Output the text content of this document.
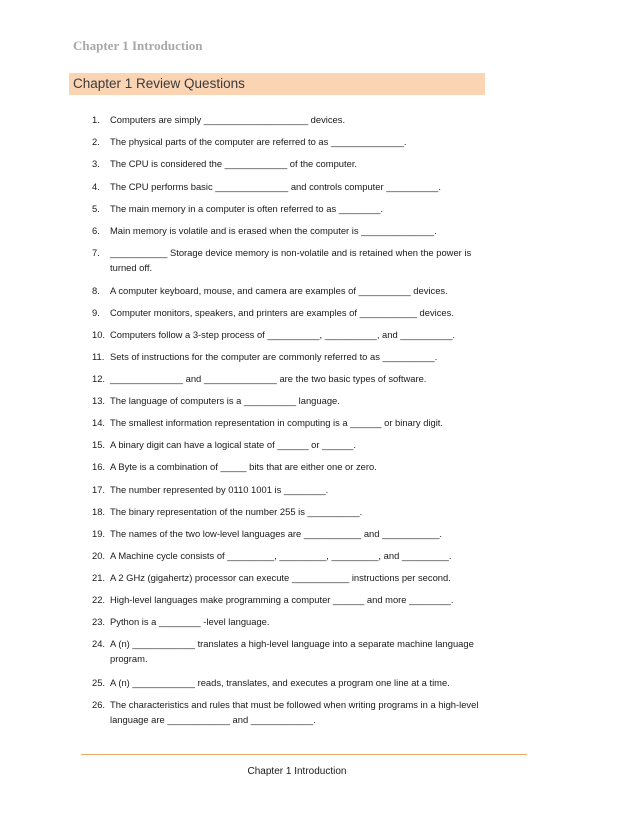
Chapter 1 Introduction
Chapter 1 Review Questions
1.	Computers are simply ____________________ devices.
2.	The physical parts of the computer are referred to as ______________.
3.	The CPU is considered the ____________ of the computer.
4.	The CPU performs basic ______________ and controls computer __________.
5.	The main memory in a computer is often referred to as ________.
6.	Main memory is volatile and is erased when the computer is ______________.
7.	___________ Storage device memory is non-volatile and is retained when the power is turned off.
8.	A computer keyboard, mouse, and camera are examples of __________ devices.
9.	Computer monitors, speakers, and printers are examples of ___________ devices.
10. Computers follow a 3-step process of __________, __________, and __________.
11. Sets of instructions for the computer are commonly referred to as __________.
12. ______________ and ______________ are the two basic types of software.
13. The language of computers is a __________ language.
14. The smallest information representation in computing is a ______ or binary digit.
15. A binary digit can have a logical state of ______ or ______.
16. A Byte is a combination of _____ bits that are either one or zero.
17. The number represented by 0110 1001 is ________.
18. The binary representation of the number 255 is __________.
19. The names of the two low-level languages are ___________ and ___________.
20. A Machine cycle consists of _________, _________, _________, and _________.
21. A 2 GHz (gigahertz) processor can execute ___________ instructions per second.
22. High-level languages make programming a computer ______ and more ________.
23. Python is a ________ -level language.
24. A (n) ____________ translates a high-level language into a separate machine language program.
25. A (n) ____________ reads, translates, and executes a program one line at a time.
26. The characteristics and rules that must be followed when writing programs in a high-level language are ____________ and ____________.
Chapter 1 Introduction
